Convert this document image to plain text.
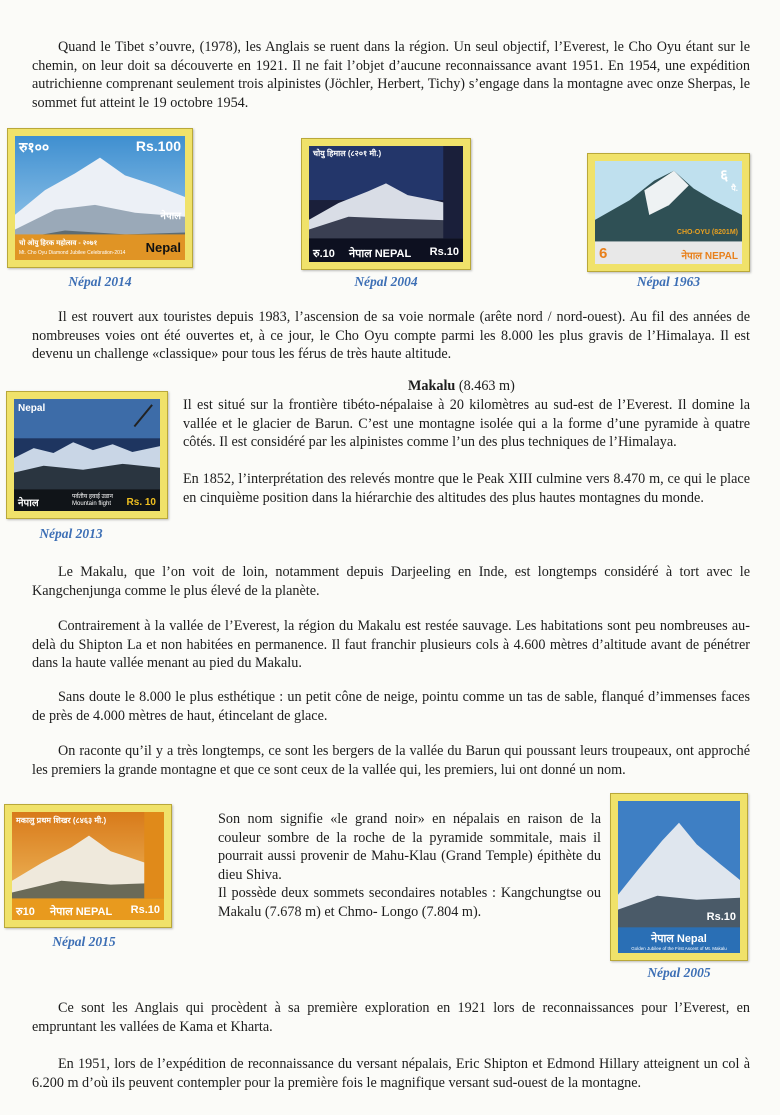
Quand le Tibet s’ouvre, (1978), les Anglais se ruent dans la région. Un seul objectif, l’Everest, le Cho Oyu étant sur le chemin, on leur doit sa découverte en 1921. Il ne fait l’objet d’aucune reconnaissance avant 1951. En 1954, une expédition autrichienne comprenant seulement trois alpinistes (Jöchler, Herbert, Tichy) s’engage dans la montagne avec onze Sherpas, le sommet fut atteint le 19 octobre 1954.

रु१००	Rs.100
नेपाल
चो ओयु हिरक महोत्सव - २०७१
Mt. Cho Oyu Diamond Jubilee Celebration-2014 Nepal
Népal 2014
चोयु हिमाल (८२०१ मी.)
रु.10 नेपाल NEPAL Rs.10
Népal 2004
६
पै.
CHO-OYU (8201M)
6	नेपाल NEPAL
Népal 1963

Il est rouvert aux touristes depuis 1983, l’ascension de sa voie normale (arête nord / nord-ouest). Au fil des années de nombreuses voies ont été ouvertes et, à ce jour, le Cho Oyu compte parmi les 8.000 les plus gravis de l’Himalaya. Il est devenu un challenge «classique» pour tous les férus de très haute altitude.

Nepal
नेपाल
पर्वतीय हवाई उडान
Mountain flight Rs. 10
Népal 2013
Makalu (8.463 m)

Il est situé sur la frontière tibéto-népalaise à 20 kilomètres au sud-est de l’Everest. Il domine la vallée et le glacier de Barun. C’est une montagne isolée qui a la forme d’une pyramide à quatre côtés. Il est considéré par les alpinistes comme l’un des plus techniques de l’Himalaya.

En 1852, l’interprétation des relevés montre que le Peak XIII culmine vers 8.470 m, ce qui le place en cinquième position dans la hiérarchie des altitudes des plus hautes montagnes du monde.

Le Makalu, que l’on voit de loin, notamment depuis Darjeeling en Inde, est longtemps considéré à tort avec le Kangchenjunga comme le plus élevé de la planète.

Contrairement à la vallée de l’Everest, la région du Makalu est restée sauvage. Les habitations sont peu nombreuses au-delà du Shipton La et non habitées en permanence. Il faut franchir plusieurs cols à 4.600 mètres d’altitude avant de pénétrer dans la haute vallée menant au pied du Makalu.

Sans doute le 8.000 le plus esthétique : un petit cône de neige, pointu comme un tas de sable, flanqué d’immenses faces de près de 4.000 mètres de haut, étincelant de glace.

On raconte qu’il y a très longtemps, ce sont les bergers de la vallée du Barun qui poussant leurs troupeaux, ont approché les premiers la grande montagne et que ce sont ceux de la vallée qui, les premiers, lui ont donné un nom.

मकालु प्रथम शिखर (८४६३ मी.)
रु10 नेपाल NEPAL Rs.10
Népal 2015

Son nom signifie «le grand noir» en népalais en raison de la couleur sombre de la roche de la pyramide sommitale, mais il pourrait aussi provenir de Mahu-Klau (Grand Temple) épithète du dieu Shiva.

Il possède deux sommets secondaires notables : Kangchungtse ou Makalu (7.678 m) et Chmo- Longo (7.804 m).	Rs.10
नेपाल Nepal
Golden Jubilee of the First Ascent of Mt. Makalu
Népal 2005

Ce sont les Anglais qui procèdent à sa première exploration en 1921 lors de reconnaissances pour l’Everest, en empruntant les vallées de Kama et Kharta.

En 1951, lors de l’expédition de reconnaissance du versant népalais, Eric Shipton et Edmond Hillary atteignent un col à 6.200 m d’où ils peuvent contempler pour la première fois le magnifique versant sud-ouest de la montagne.
